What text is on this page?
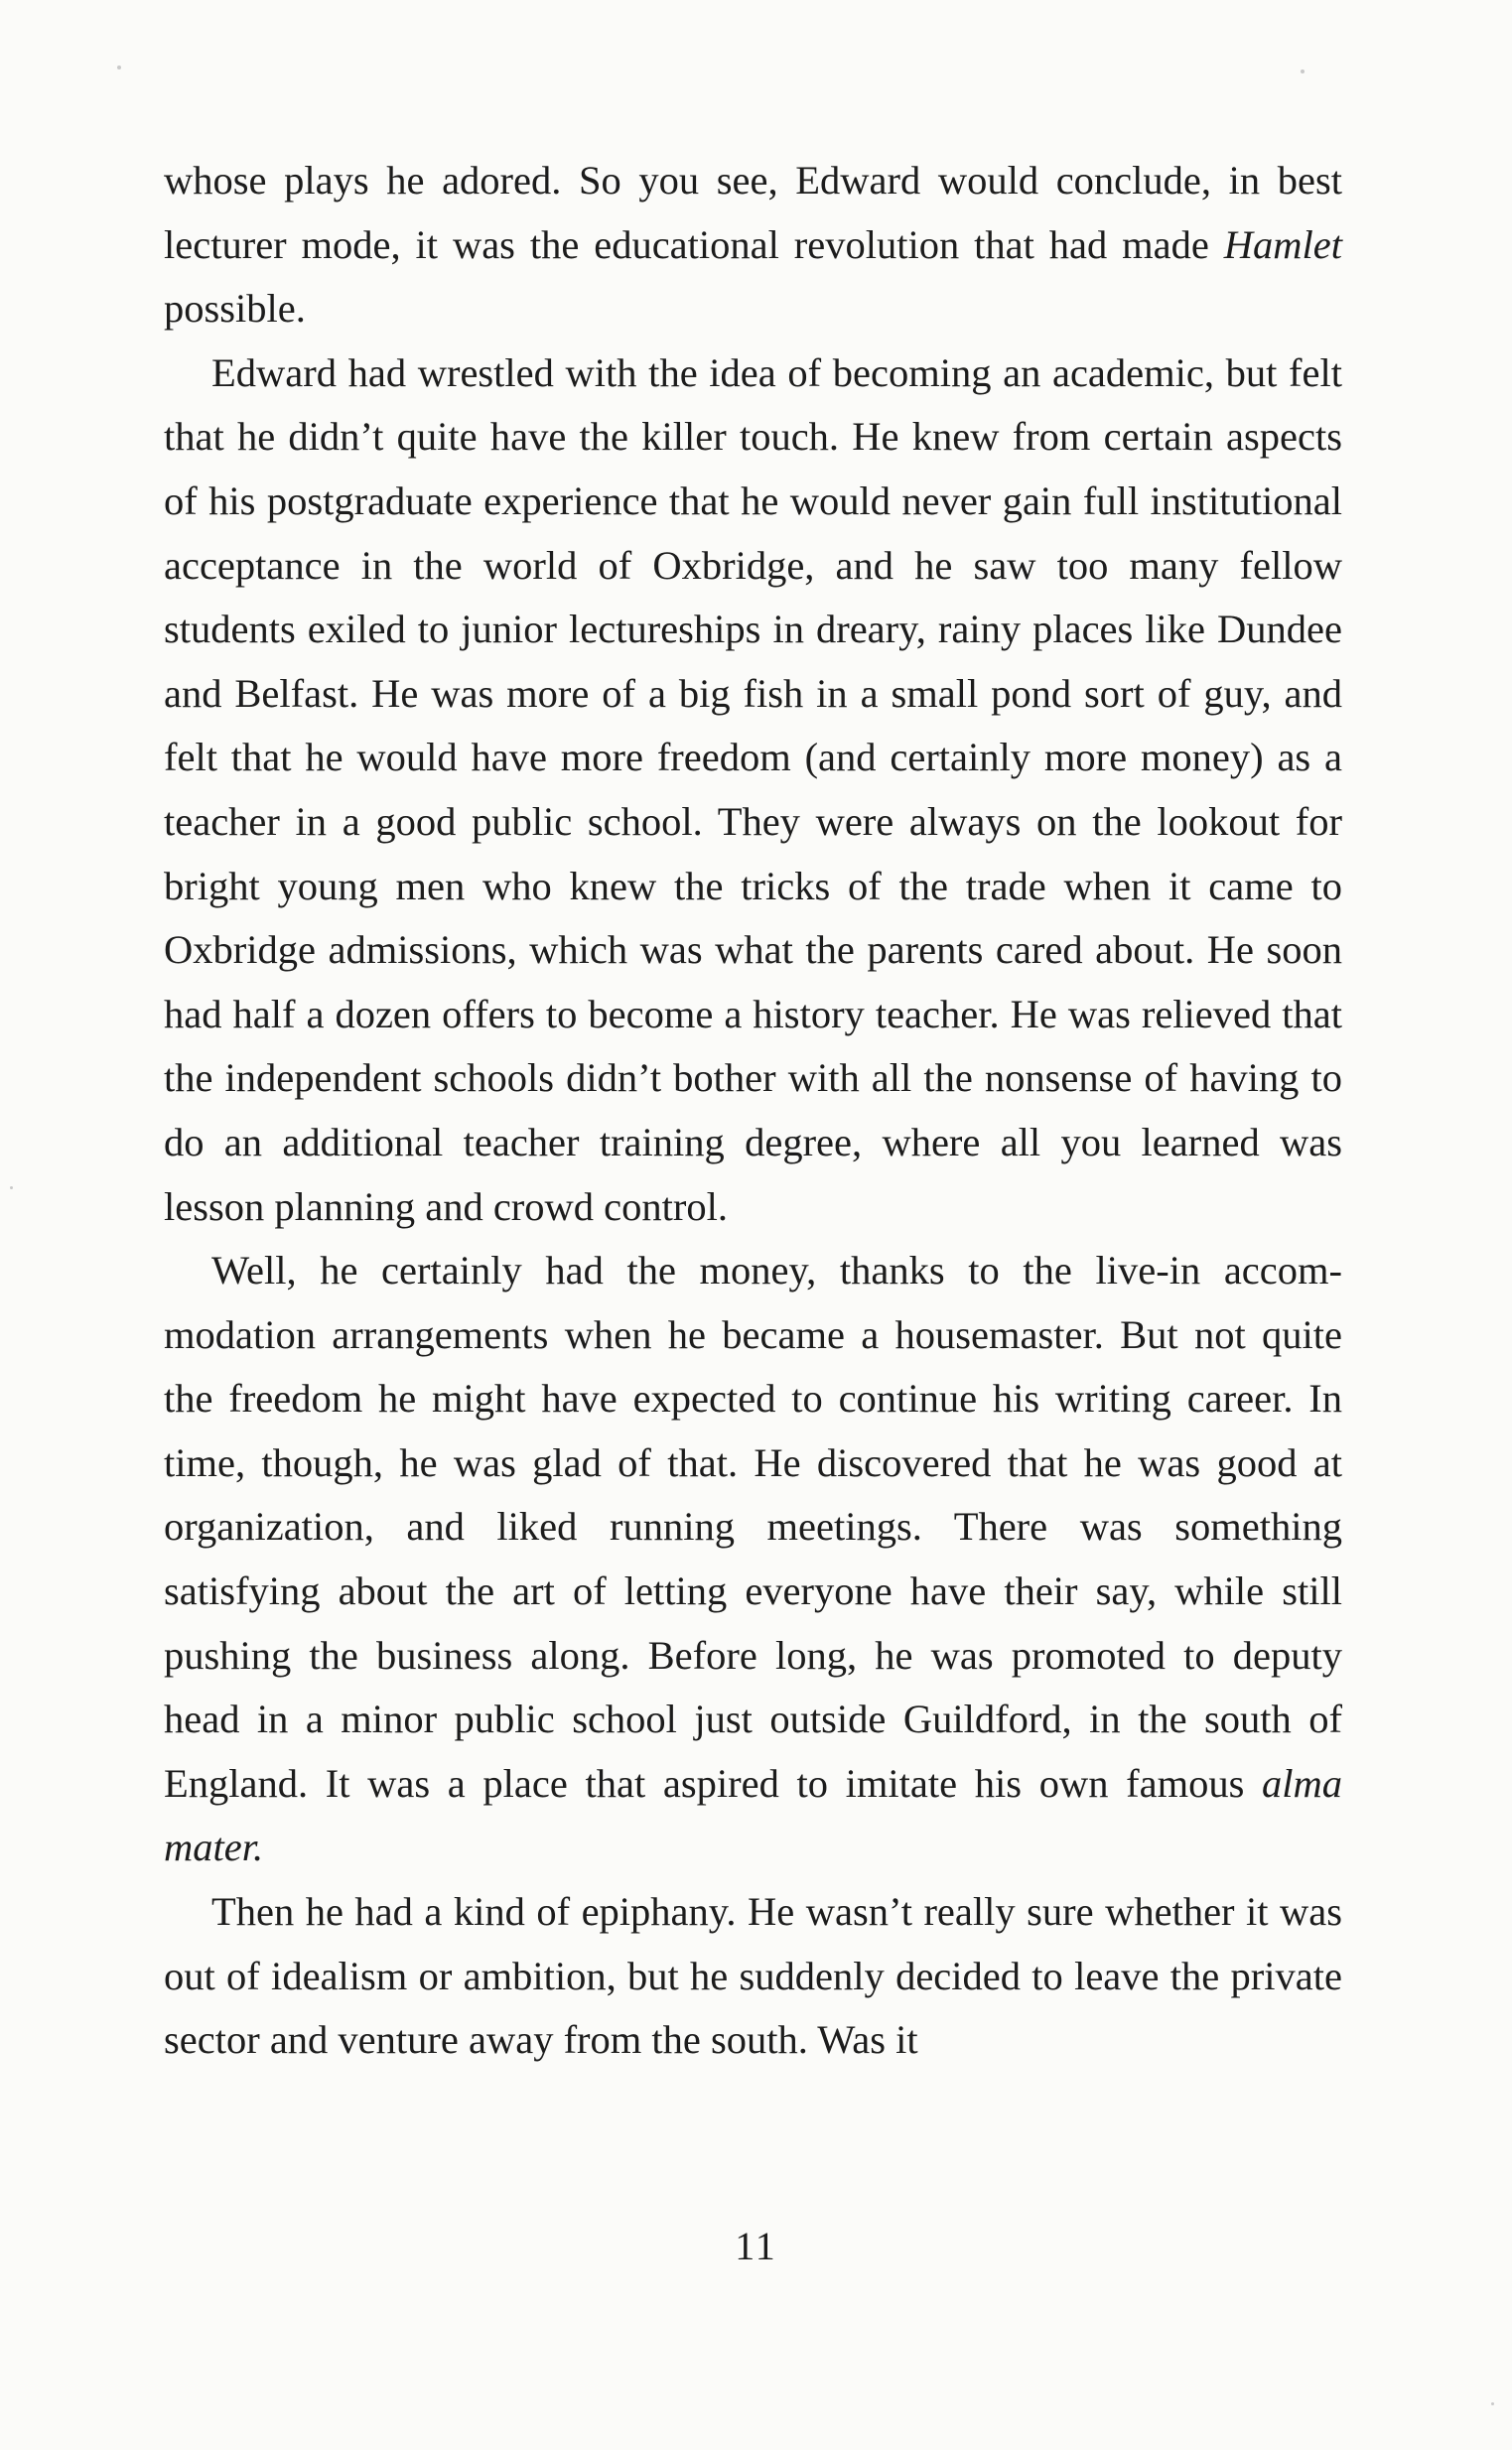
whose plays he adored. So you see, Edward would conclude, in best lecturer mode, it was the educational revolution that had made Hamlet possible.

Edward had wrestled with the idea of becoming an academic, but felt that he didn’t quite have the killer touch. He knew from certain aspects of his postgraduate experience that he would never gain full institutional acceptance in the world of Oxbridge, and he saw too many fellow students exiled to junior lectureships in dreary, rainy places like Dundee and Belfast. He was more of a big fish in a small pond sort of guy, and felt that he would have more freedom (and certainly more money) as a teacher in a good public school. They were always on the lookout for bright young men who knew the tricks of the trade when it came to Oxbridge admissions, which was what the parents cared about. He soon had half a dozen offers to become a history teacher. He was relieved that the independent schools didn’t bother with all the nonsense of having to do an additional teacher training degree, where all you learned was lesson planning and crowd control.

Well, he certainly had the money, thanks to the live-in accommodation arrangements when he became a housemaster. But not quite the freedom he might have expected to continue his writing career. In time, though, he was glad of that. He discovered that he was good at organization, and liked running meetings. There was something satisfying about the art of letting everyone have their say, while still pushing the business along. Before long, he was promoted to deputy head in a minor public school just outside Guildford, in the south of England. It was a place that aspired to imitate his own famous alma mater.

Then he had a kind of epiphany. He wasn’t really sure whether it was out of idealism or ambition, but he suddenly decided to leave the private sector and venture away from the south. Was it

11
